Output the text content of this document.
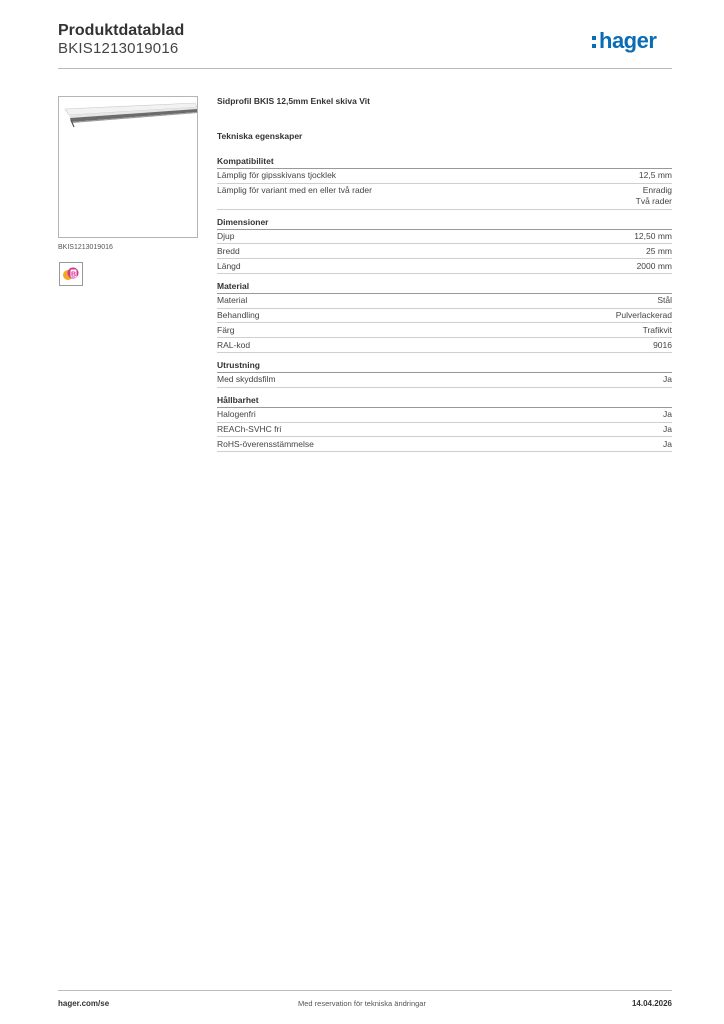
Produktdatablad
BKIS1213019016	hager
BKIS1213019016
B
Sidprofil BKIS 12,5mm Enkel skiva Vit
Tekniska egenskaper
Kompatibilitet
Lämplig för gipsskivans tjocklek	12,5 mm
Lämplig för variant med en eller två rader	Enradig
Två rader
Dimensioner
Djup	12,50 mm
Bredd	25 mm
Längd	2000 mm
Material
Material	Stål
Behandling	Pulverlackerad
Färg	Trafikvit
RAL-kod	9016
Utrustning
Med skyddsfilm	Ja
Hållbarhet
Halogenfri	Ja
REACh-SVHC fri	Ja
RoHS-överensstämmelse	Ja
hager.com/se	Med reservation för tekniska ändringar	14.04.2026
